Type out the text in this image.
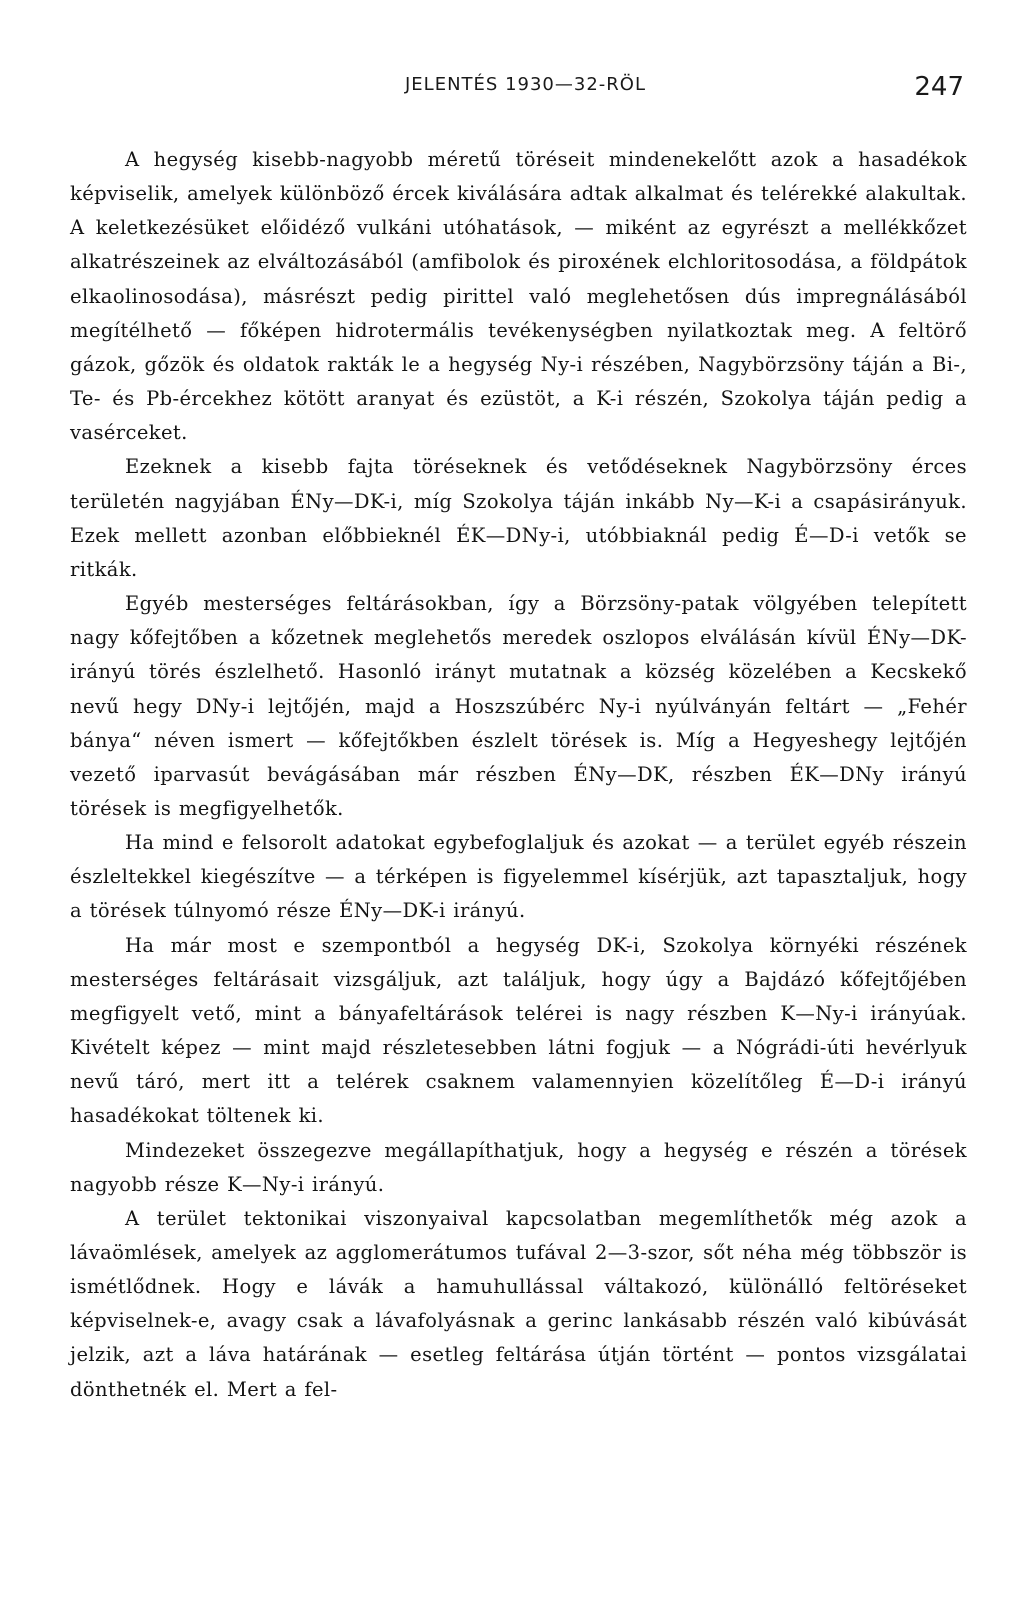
JELENTÉS 1930—32-RÖL	247

A hegység kisebb-nagyobb méretű töréseit mindenekelőtt azok a hasadékok képviselik, amelyek különböző ércek kiválására adtak alkalmat és telérekké alakultak. A keletkezésüket előidéző vulkáni utóhatások, — miként az egyrészt a mellékkőzet alkatrészeinek az elváltozásából (amfibolok és piroxének elchloritosodása, a földpátok elkaolinosodása), másrészt pedig pirittel való meglehetősen dús impregnálásából megítélhető — főképen hidrotermális tevékenységben nyilatkoztak meg. A feltörő gázok, gőzök és oldatok rakták le a hegység Ny-i részében, Nagybörzsöny táján a Bi-, Te- és Pb-ércekhez kötött aranyat és ezüstöt, a K-i részén, Szokolya táján pedig a vasérceket.

Ezeknek a kisebb fajta töréseknek és vetődéseknek Nagybörzsöny érces területén nagyjában ÉNy—DK-i, míg Szokolya táján inkább Ny—K-i a csapásirányuk. Ezek mellett azonban előbbieknél ÉK—DNy-i, utóbbiaknál pedig É—D-i vetők se ritkák.

Egyéb mesterséges feltárásokban, így a Börzsöny-patak völgyében telepített nagy kőfejtőben a kőzetnek meglehetős meredek oszlopos elválásán kívül ÉNy—DK-irányú törés észlelhető. Hasonló irányt mutatnak a község közelében a Kecskekő nevű hegy DNy-i lejtőjén, majd a Hoszszúbérc Ny-i nyúlványán feltárt — „Fehér bánya“ néven ismert — kőfejtőkben észlelt törések is. Míg a Hegyeshegy lejtőjén vezető iparvasút bevágásában már részben ÉNy—DK, részben ÉK—DNy irányú törések is megfigyelhetők.

Ha mind e felsorolt adatokat egybefoglaljuk és azokat — a terület egyéb részein észleltekkel kiegészítve — a térképen is figyelemmel kísérjük, azt tapasztaljuk, hogy a törések túlnyomó része ÉNy—DK-i irányú.

Ha már most e szempontból a hegység DK-i, Szokolya környéki részének mesterséges feltárásait vizsgáljuk, azt találjuk, hogy úgy a Bajdázó kőfejtőjében megfigyelt vető, mint a bányafeltárások telérei is nagy részben K—Ny-i irányúak. Kivételt képez — mint majd részletesebben látni fogjuk — a Nógrádi-úti hevérlyuk nevű táró, mert itt a telérek csaknem valamennyien közelítőleg É—D-i irányú hasadékokat töltenek ki.

Mindezeket összegezve megállapíthatjuk, hogy a hegység e részén a törések nagyobb része K—Ny-i irányú.

A terület tektonikai viszonyaival kapcsolatban megemlíthetők még azok a lávaömlések, amelyek az agglomerátumos tufával 2—3-szor, sőt néha még többször is ismétlődnek. Hogy e lávák a hamuhullással váltakozó, különálló feltöréseket képviselnek-e, avagy csak a lávafolyásnak a gerinc lankásabb részén való kibúvását jelzik, azt a láva határának — esetleg feltárása útján történt — pontos vizsgálatai dönthetnék el. Mert a fel-
